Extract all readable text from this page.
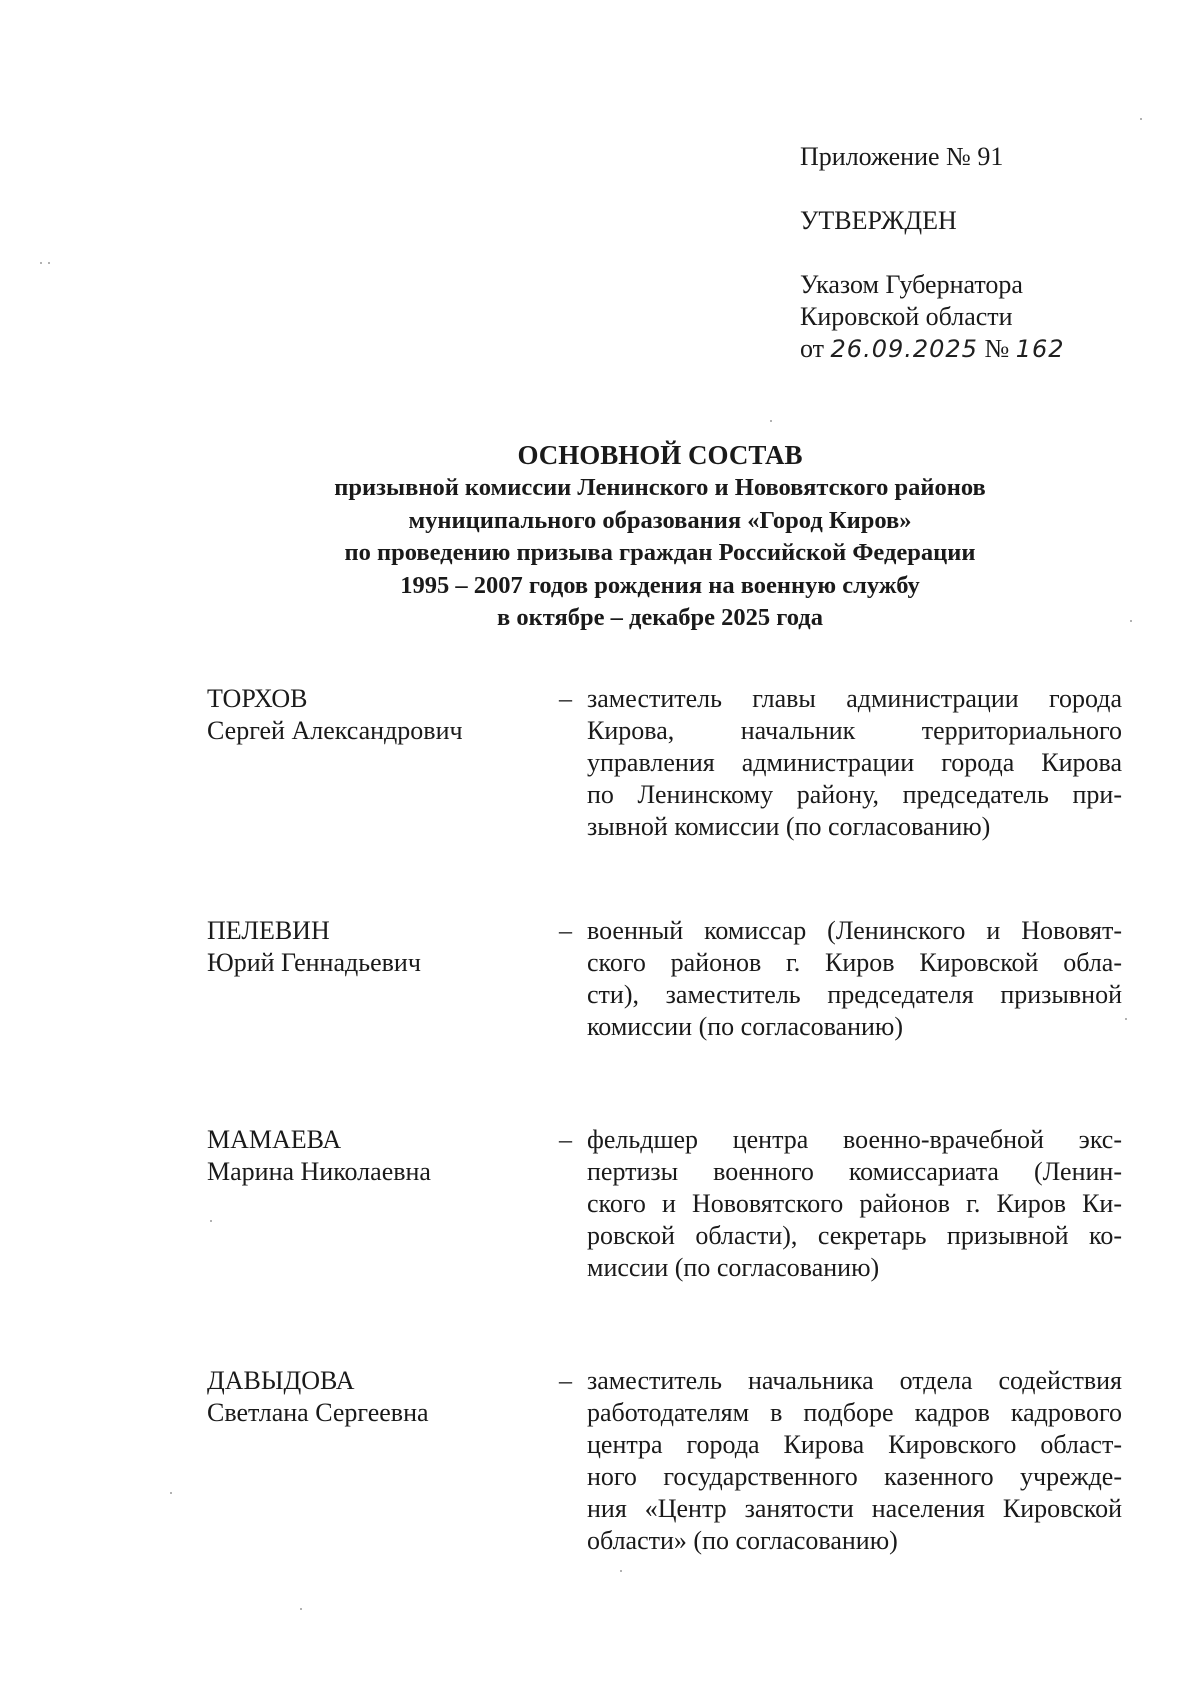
Приложение № 91
УТВЕРЖДЕН
Указом Губернатора
Кировской области
от 26.09.2025 № 162
ОСНОВНОЙ СОСТАВ
призывной комиссии Ленинского и Нововятского районов
муниципального образования «Город Киров»
по проведению призыва граждан Российской Федерации
1995 – 2007 годов рождения на военную службу
в октябре – декабре 2025 года
ТОРХОВ
Сергей Александрович
– заместитель главы администрации города
Кирова, начальник территориального
управления администрации города Кирова
по Ленинскому району, председатель при-
зывной комиссии (по согласованию)
ПЕЛЕВИН
Юрий Геннадьевич
– военный комиссар (Ленинского и Нововят-
ского районов г. Киров Кировской обла-
сти), заместитель председателя призывной
комиссии (по согласованию)
МАМАЕВА
Марина Николаевна
– фельдшер центра военно-врачебной экс-
пертизы военного комиссариата (Ленин-
ского и Нововятского районов г. Киров Ки-
ровской области), секретарь призывной ко-
миссии (по согласованию)
ДАВЫДОВА
Светлана Сергеевна
– заместитель начальника отдела содействия
работодателям в подборе кадров кадрового
центра города Кирова Кировского област-
ного государственного казенного учрежде-
ния «Центр занятости населения Кировской
области» (по согласованию)
